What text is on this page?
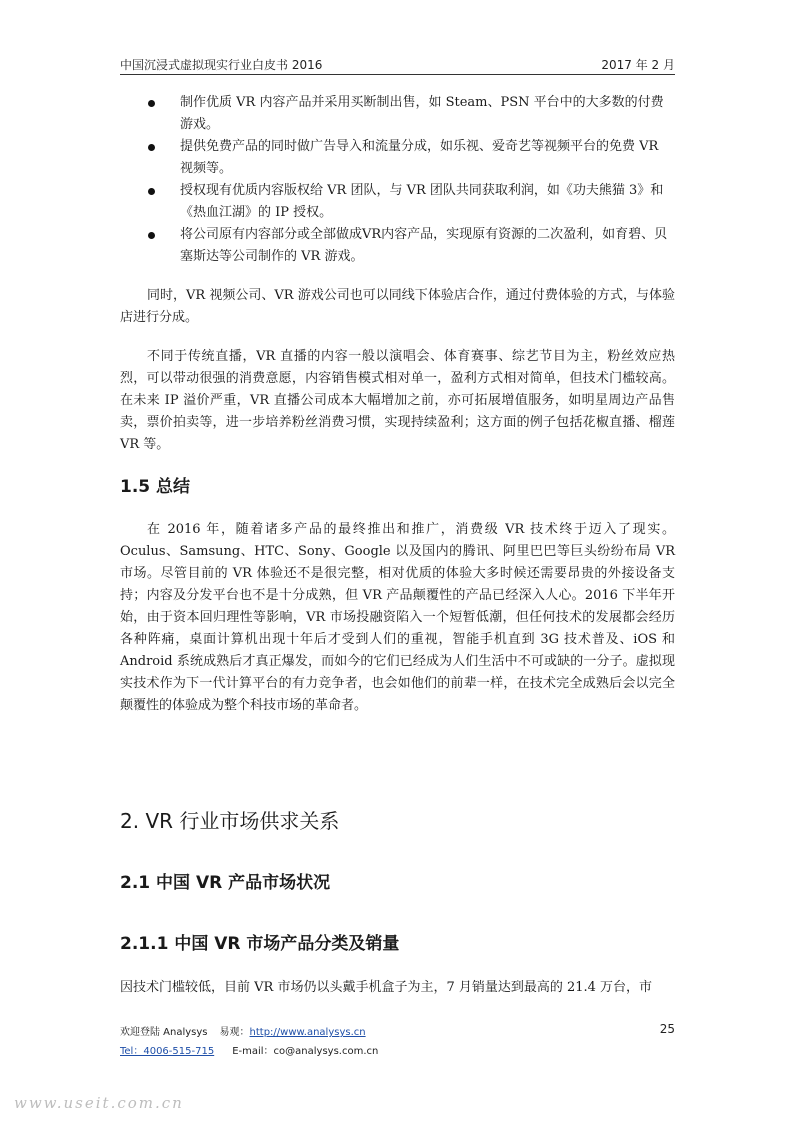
中国沉浸式虚拟现实行业白皮书 2016	2017 年 2 月
制作优质 VR 内容产品并采用买断制出售，如 Steam、PSN 平台中的大多数的付费游戏。
提供免费产品的同时做广告导入和流量分成，如乐视、爱奇艺等视频平台的免费 VR 视频等。
授权现有优质内容版权给 VR 团队，与 VR 团队共同获取利润，如《功夫熊猫 3》和《热血江湖》的 IP 授权。
将公司原有内容部分或全部做成VR内容产品，实现原有资源的二次盈利，如育碧、贝塞斯达等公司制作的 VR 游戏。

同时，VR 视频公司、VR 游戏公司也可以同线下体验店合作，通过付费体验的方式，与体验店进行分成。

不同于传统直播，VR 直播的内容一般以演唱会、体育赛事、综艺节目为主，粉丝效应热烈，可以带动很强的消费意愿，内容销售模式相对单一，盈利方式相对简单，但技术门槛较高。在未来 IP 溢价严重，VR 直播公司成本大幅增加之前，亦可拓展增值服务，如明星周边产品售卖，票价拍卖等，进一步培养粉丝消费习惯，实现持续盈利；这方面的例子包括花椒直播、榴莲 VR 等。

1.5 总结

在 2016 年，随着诸多产品的最终推出和推广，消费级 VR 技术终于迈入了现实。Oculus、Samsung、HTC、Sony、Google 以及国内的腾讯、阿里巴巴等巨头纷纷布局 VR 市场。尽管目前的 VR 体验还不是很完整，相对优质的体验大多时候还需要昂贵的外接设备支持；内容及分发平台也不是十分成熟，但 VR 产品颠覆性的产品已经深入人心。2016 下半年开始，由于资本回归理性等影响，VR 市场投融资陷入一个短暂低潮，但任何技术的发展都会经历各种阵痛，桌面计算机出现十年后才受到人们的重视，智能手机直到 3G 技术普及、iOS 和 Android 系统成熟后才真正爆发，而如今的它们已经成为人们生活中不可或缺的一分子。虚拟现实技术作为下一代计算平台的有力竞争者，也会如他们的前辈一样，在技术完全成熟后会以完全颠覆性的体验成为整个科技市场的革命者。

2. VR 行业市场供求关系
2.1 中国 VR 产品市场状况
2.1.1 中国 VR 市场产品分类及销量
因技术门槛较低，目前 VR 市场仍以头戴手机盒子为主，7 月销量达到最高的 21.4 万台，市
欢迎登陆 Analysys 易观：http://www.analysys.cn
Tel：4006-515-715 E-mail：co@analysys.com.cn
25
www.useit.com.cn
